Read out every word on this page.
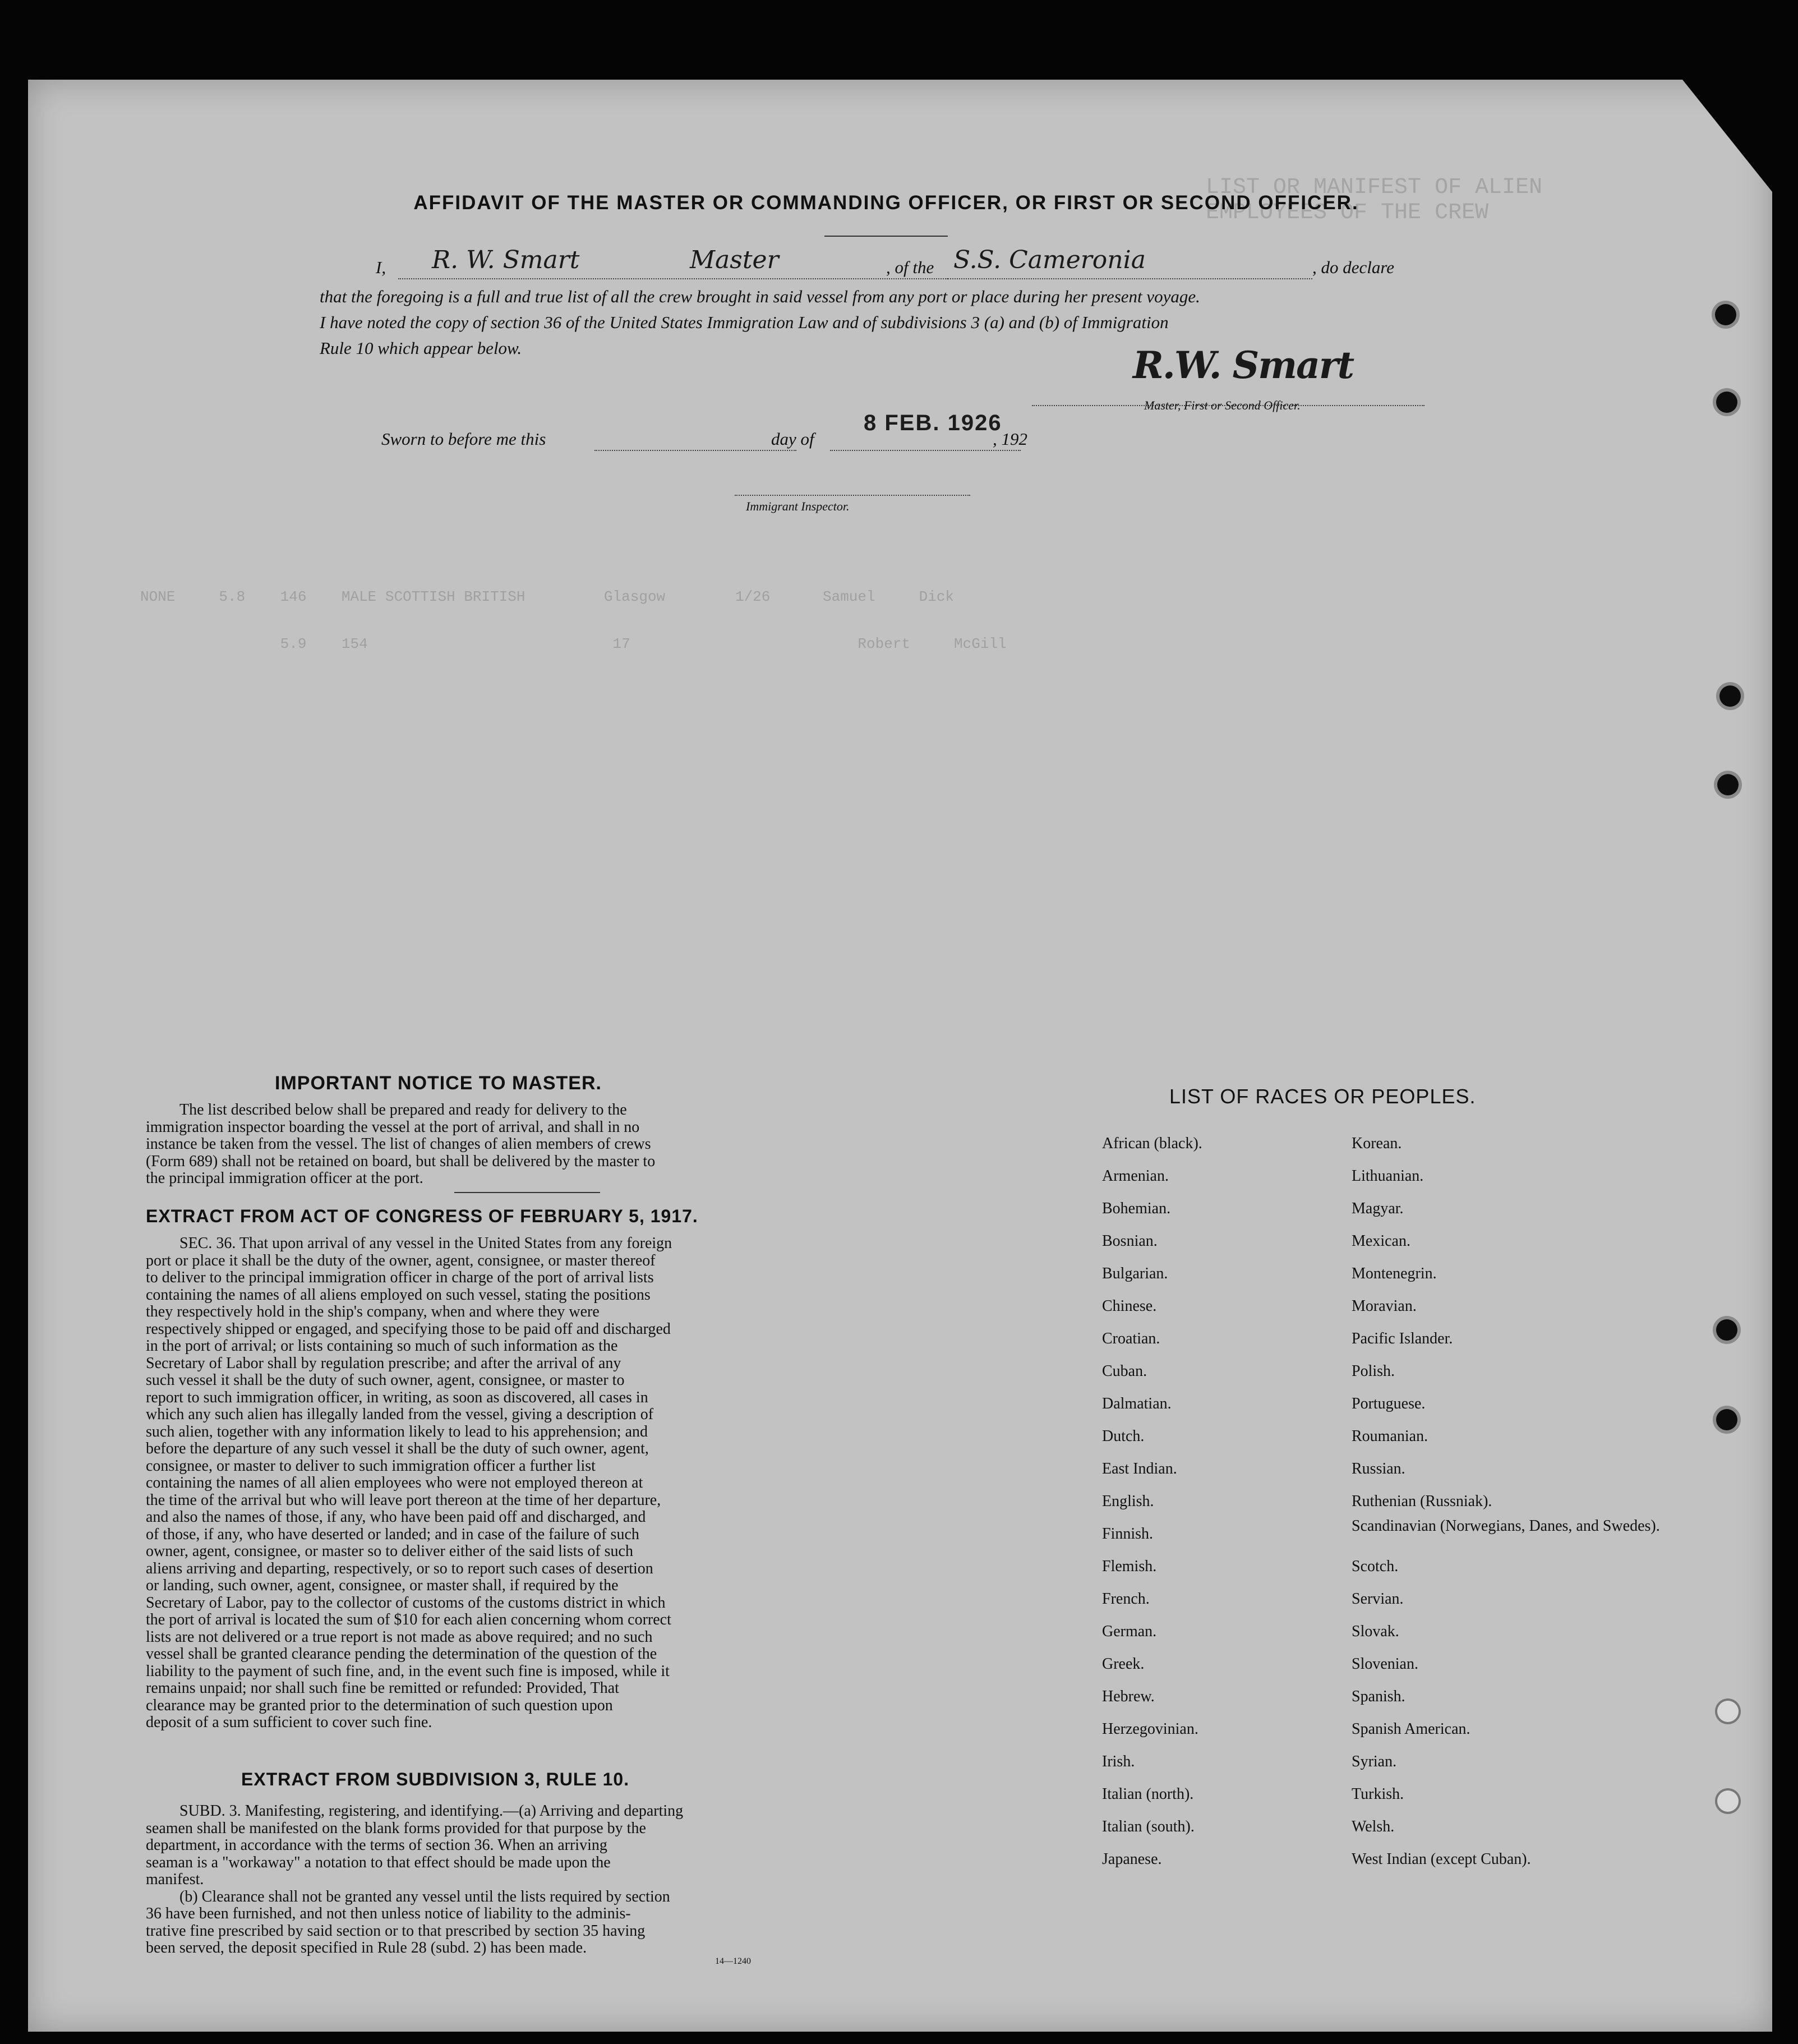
LIST OR MANIFEST OF ALIEN EMPLOYEES OF THE CREW
NONE     5.8    146    MALE SCOTTISH BRITISH         Glasgow        1/26      Samuel     Dick
5.9    154                            17                          Robert     McGill
AFFIDAVIT OF THE MASTER OR COMMANDING OFFICER, OR FIRST OR SECOND OFFICER.
I, R. W. Smart	Master	, of the S.S. Cameronia	, do declare
that the foregoing is a full and true list of all the crew brought in said vessel from any port or place during her present voyage.
I have noted the copy of section 36 of the United States Immigration Law and of subdivisions 3 (a) and (b) of Immigration
Rule 10 which appear below.	R.W. Smart
Master, First or Second Officer.
Sworn to before me this	day of
8 FEB. 1926
, 192
Immigrant Inspector.
IMPORTANT NOTICE TO MASTER.
The list described below shall be prepared and ready for delivery to the
immigration inspector boarding the vessel at the port of arrival, and shall in no
instance be taken from the vessel. The list of changes of alien members of crews
(Form 689) shall not be retained on board, but shall be delivered by the master to
the principal immigration officer at the port.
EXTRACT FROM ACT OF CONGRESS OF FEBRUARY 5, 1917.
SEC. 36. That upon arrival of any vessel in the United States from any foreign
port or place it shall be the duty of the owner, agent, consignee, or master thereof
to deliver to the principal immigration officer in charge of the port of arrival lists
containing the names of all aliens employed on such vessel, stating the positions
they respectively hold in the ship's company, when and where they were
respectively shipped or engaged, and specifying those to be paid off and discharged
in the port of arrival; or lists containing so much of such information as the
Secretary of Labor shall by regulation prescribe; and after the arrival of any
such vessel it shall be the duty of such owner, agent, consignee, or master to
report to such immigration officer, in writing, as soon as discovered, all cases in
which any such alien has illegally landed from the vessel, giving a description of
such alien, together with any information likely to lead to his apprehension; and
before the departure of any such vessel it shall be the duty of such owner, agent,
consignee, or master to deliver to such immigration officer a further list
containing the names of all alien employees who were not employed thereon at
the time of the arrival but who will leave port thereon at the time of her departure,
and also the names of those, if any, who have been paid off and discharged, and
of those, if any, who have deserted or landed; and in case of the failure of such
owner, agent, consignee, or master so to deliver either of the said lists of such
aliens arriving and departing, respectively, or so to report such cases of desertion
or landing, such owner, agent, consignee, or master shall, if required by the
Secretary of Labor, pay to the collector of customs of the customs district in which
the port of arrival is located the sum of $10 for each alien concerning whom correct
lists are not delivered or a true report is not made as above required; and no such
vessel shall be granted clearance pending the determination of the question of the
liability to the payment of such fine, and, in the event such fine is imposed, while it
remains unpaid; nor shall such fine be remitted or refunded: Provided, That
clearance may be granted prior to the determination of such question upon
deposit of a sum sufficient to cover such fine.
EXTRACT FROM SUBDIVISION 3, RULE 10.
SUBD. 3. Manifesting, registering, and identifying.—(a) Arriving and departing
seamen shall be manifested on the blank forms provided for that purpose by the
department, in accordance with the terms of section 36. When an arriving
seaman is a "workaway" a notation to that effect should be made upon the
manifest.
(b) Clearance shall not be granted any vessel until the lists required by section
36 have been furnished, and not then unless notice of liability to the adminis-
trative fine prescribed by said section or to that prescribed by section 35 having
been served, the deposit specified in Rule 28 (subd. 2) has been made.
14—1240
LIST OF RACES OR PEOPLES.
African (black).
Armenian.
Bohemian.
Bosnian.
Bulgarian.
Chinese.
Croatian.
Cuban.
Dalmatian.
Dutch.
East Indian.
English.
Finnish.
Flemish.
French.
German.
Greek.
Hebrew.
Herzegovinian.
Irish.
Italian (north).
Italian (south).
Japanese.
Korean.
Lithuanian.
Magyar.
Mexican.
Montenegrin.
Moravian.
Pacific Islander.
Polish.
Portuguese.
Roumanian.
Russian.
Ruthenian (Russniak).
Scandinavian (Norwegians, Danes, and Swedes).
Scotch.
Servian.
Slovak.
Slovenian.
Spanish.
Spanish American.
Syrian.
Turkish.
Welsh.
West Indian (except Cuban).
